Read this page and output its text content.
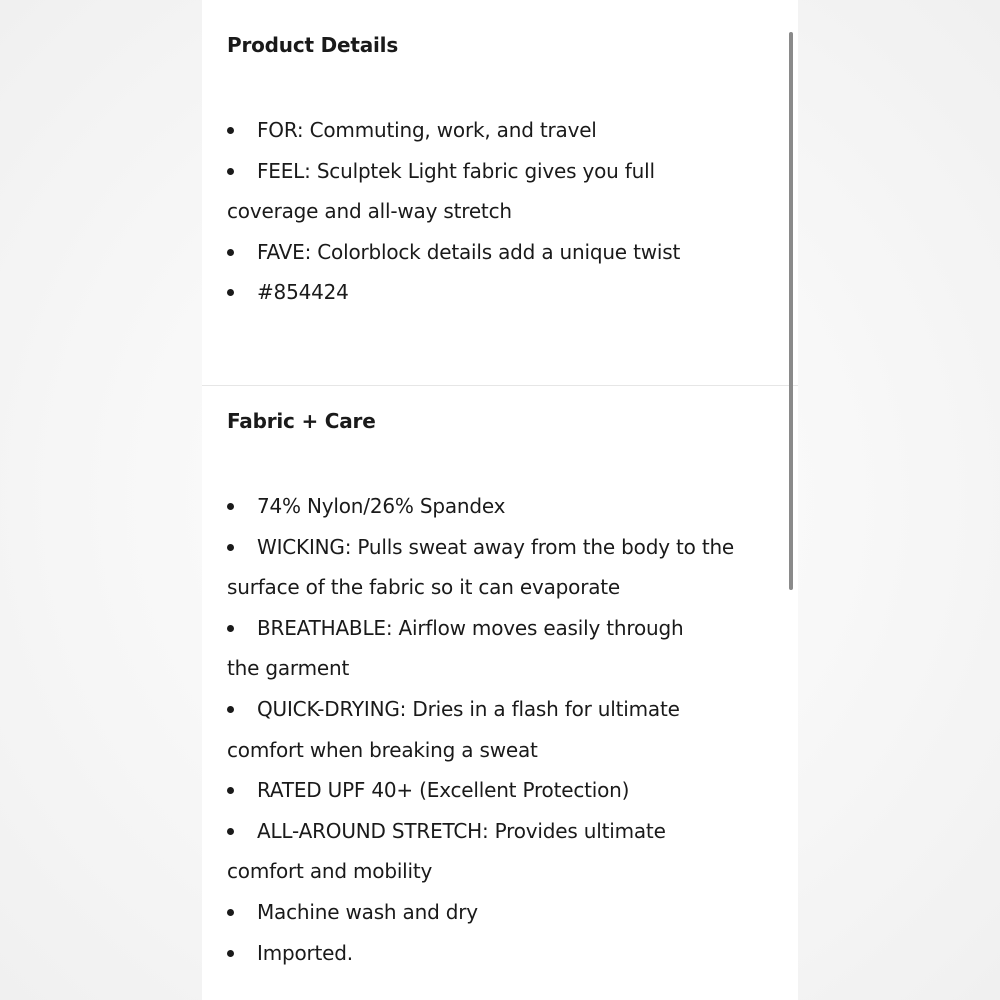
Product Details
FOR: Commuting, work, and travel
FEEL: Sculptek Light fabric gives you full
coverage and all-way stretch
FAVE: Colorblock details add a unique twist
#854424
Fabric + Care
74% Nylon/26% Spandex
WICKING: Pulls sweat away from the body to the
surface of the fabric so it can evaporate
BREATHABLE: Airflow moves easily through
the garment
QUICK-DRYING: Dries in a flash for ultimate
comfort when breaking a sweat
RATED UPF 40+ (Excellent Protection)
ALL-AROUND STRETCH: Provides ultimate
comfort and mobility
Machine wash and dry
Imported.
